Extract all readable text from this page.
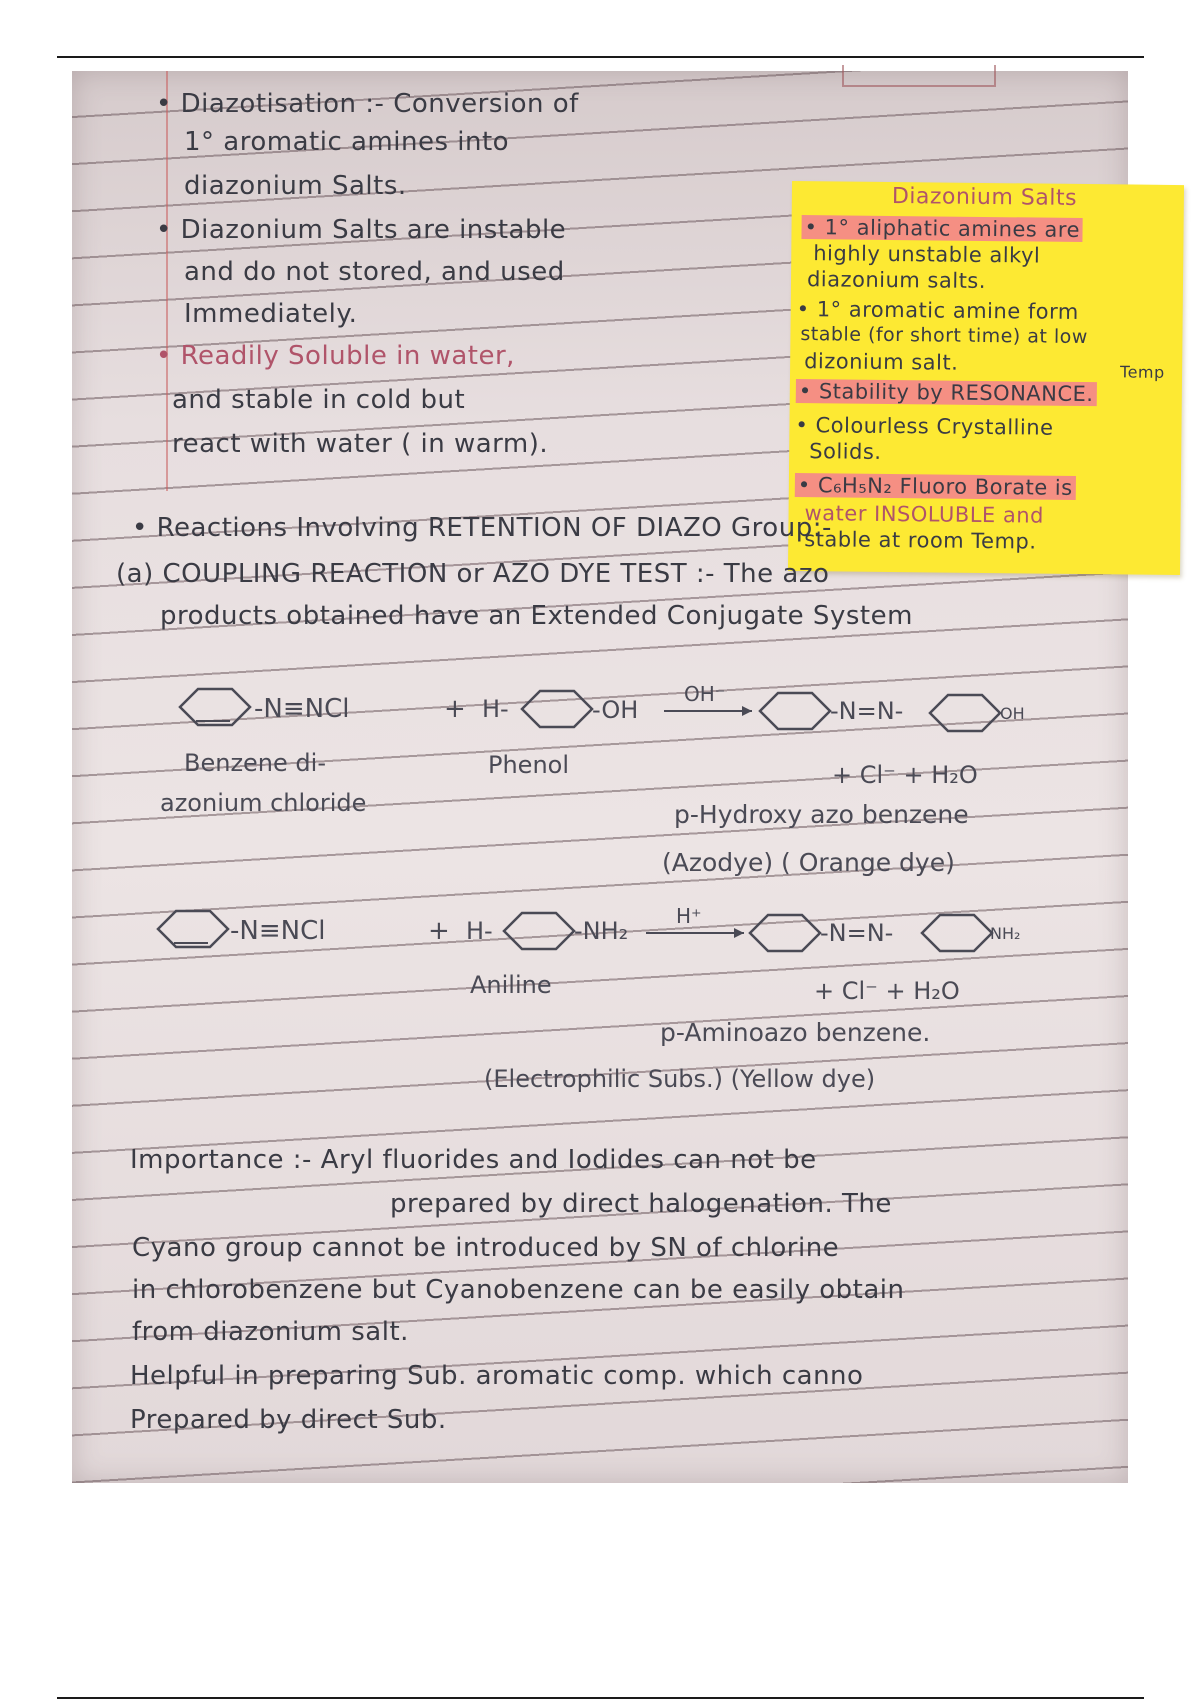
• Diazotisation :- Conversion of

1° aromatic amines into

diazonium Salts.

• Diazonium Salts are instable

and do not stored, and used

Immediately.

• Readily Soluble in water,

and stable in cold but

react with water ( in warm).

Diazonium Salts

• 1° aliphatic amines are

highly unstable alkyl

diazonium salts.

• 1° aromatic amine form

stable (for short time) at low

dizonium salt.	Temp

• Stability by RESONANCE.

• Colourless Crystalline

Solids.

• C₆H₅N₂ Fluoro Borate is

water INSOLUBLE and

stable at room Temp.

• Reactions Involving RETENTION OF DIAZO Group:-

(a) COUPLING REACTION or AZO DYE TEST :- The azo

products obtained have an Extended Conjugate System

-N≡NCl	+ H-	-OH
OH⁻
-N=N-	OH
Benzene di-
azonium chloride
Phenol	+ Cl⁻ + H₂O
p-Hydroxy azo benzene
(Azodye) ( Orange dye)
-N≡NCl	+ H-	-NH₂
H⁺
-N=N-	NH₂
Aniline	+ Cl⁻ + H₂O
p-Aminoazo benzene.
(Electrophilic Subs.) (Yellow dye)

Importance :- Aryl fluorides and Iodides can not be

prepared by direct halogenation. The

Cyano group cannot be introduced by SN of chlorine

in chlorobenzene but Cyanobenzene can be easily obtain

from diazonium salt.

Helpful in preparing Sub. aromatic comp. which canno

Prepared by direct Sub.
